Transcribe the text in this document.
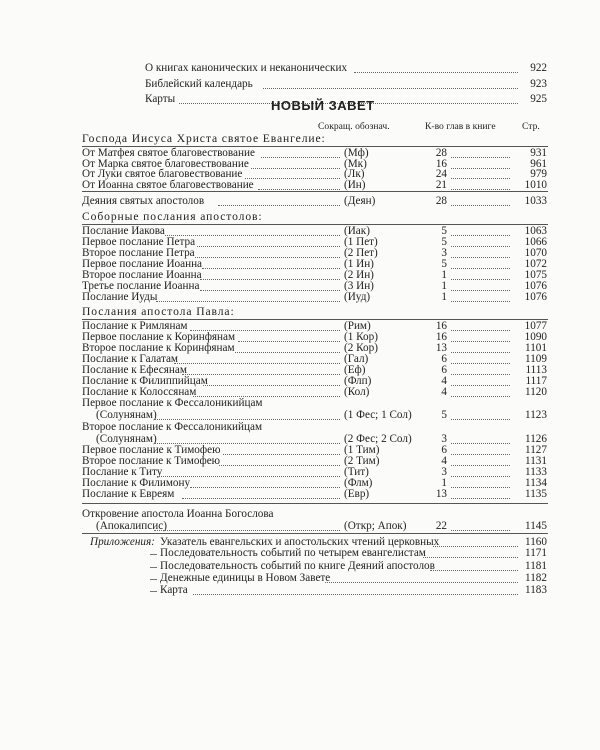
О книгах канонических и неканонических	922
Библейский календарь	923
Карты	925
НОВЫЙ ЗАВЕТ
Сокращ. обознач.	К-во глав в книге	Стр.
Господа Иисуса Христа святое Евангелие:
От Матфея святое благовествование	(Мф)	28	931
От Марка святое благовествование	(Мк)	16	961
От Луки святое благовествование	(Лк)	24	979
От Иоанна святое благовествование	(Ин)	21	1010
Деяния святых апостолов	(Деян)	28	1033
Соборные послания апостолов:
Послание Иакова	(Иак)	5	1063
Первое послание Петра	(1 Пет)	5	1066
Второе послание Петра	(2 Пет)	3	1070
Первое послание Иоанна	(1 Ин)	5	1072
Второе послание Иоанна	(2 Ин)	1	1075
Третье послание Иоанна	(3 Ин)	1	1076
Послание Иуды	(Иуд)	1	1076
Послания апостола Павла:
Послание к Римлянам	(Рим)	16	1077
Первое послание к Коринфянам	(1 Кор)	16	1090
Второе послание к Коринфянам	(2 Кор)	13	1101
Послание к Галатам	(Гал)	6	1109
Послание к Ефесянам	(Еф)	6	1113
Послание к Филиппийцам	(Флп)	4	1117
Послание к Колоссянам	(Кол)	4	1120
Первое послание к Фессалоникийцам
(Солунянам)	(1 Фес; 1 Сол)	5	1123
Второе послание к Фессалоникийцам
(Солунянам)	(2 Фес; 2 Сол)	3	1126
Первое послание к Тимофею	(1 Тим)	6	1127
Второе послание к Тимофею	(2 Тим)	4	1131
Послание к Титу	(Тит)	3	1133
Послание к Филимону	(Флм)	1	1134
Послание к Евреям	(Евр)	13	1135
Откровение апостола Иоанна Богослова
(Апокалипсис)	(Откр; Апок)	22	1145
Приложения: Указатель евангельских и апостольских чтений церковных	1160
Последовательность событий по четырем евангелистам	1171
Последовательность событий по книге Деяний апостолов	1181
Денежные единицы в Новом Завете	1182
Карта	1183
